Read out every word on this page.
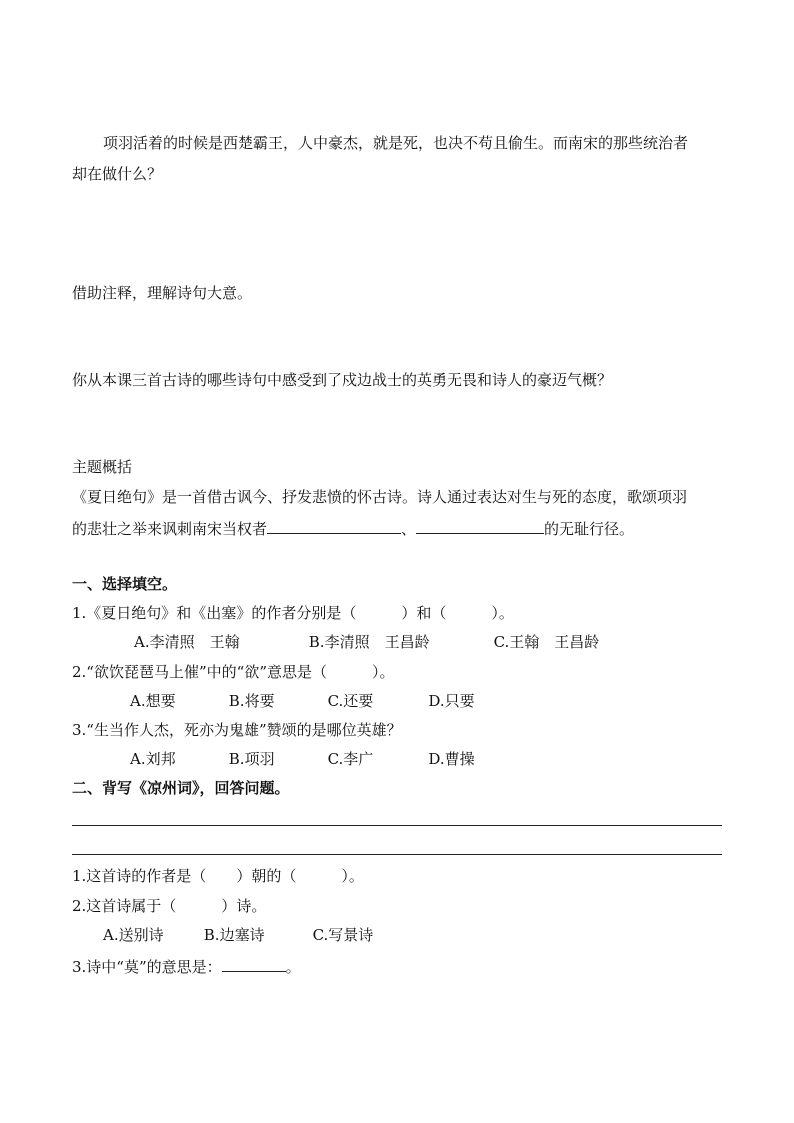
项羽活着的时候是西楚霸王，人中豪杰，就是死，也决不苟且偷生。而南宋的那些统治者
却在做什么？
借助注释，理解诗句大意。
你从本课三首古诗的哪些诗句中感受到了戍边战士的英勇无畏和诗人的豪迈气概？
主题概括
《夏日绝句》是一首借古讽今、抒发悲愤的怀古诗。诗人通过表达对生与死的态度，歌颂项羽
的悲壮之举来讽刺南宋当权者	、	的无耻行径。
一、选择填空。
1.《夏日绝句》和《出塞》的作者分别是（　　　）和（　　　）。
A.李清照　王翰	B.李清照　王昌龄	C.王翰　王昌龄
2.“欲饮琵琶马上催”中的“欲”意思是（　　　）。
A.想要	B.将要	C.还要	D.只要
3.“生当作人杰，死亦为鬼雄”赞颂的是哪位英雄？
A.刘邦	B.项羽	C.李广	D.曹操
二、背写《凉州词》，回答问题。
1.这首诗的作者是（　　）朝的（　　　）。
2.这首诗属于（　　　）诗。
A.送别诗	B.边塞诗	C.写景诗
3.诗中“莫”的意思是：	。
